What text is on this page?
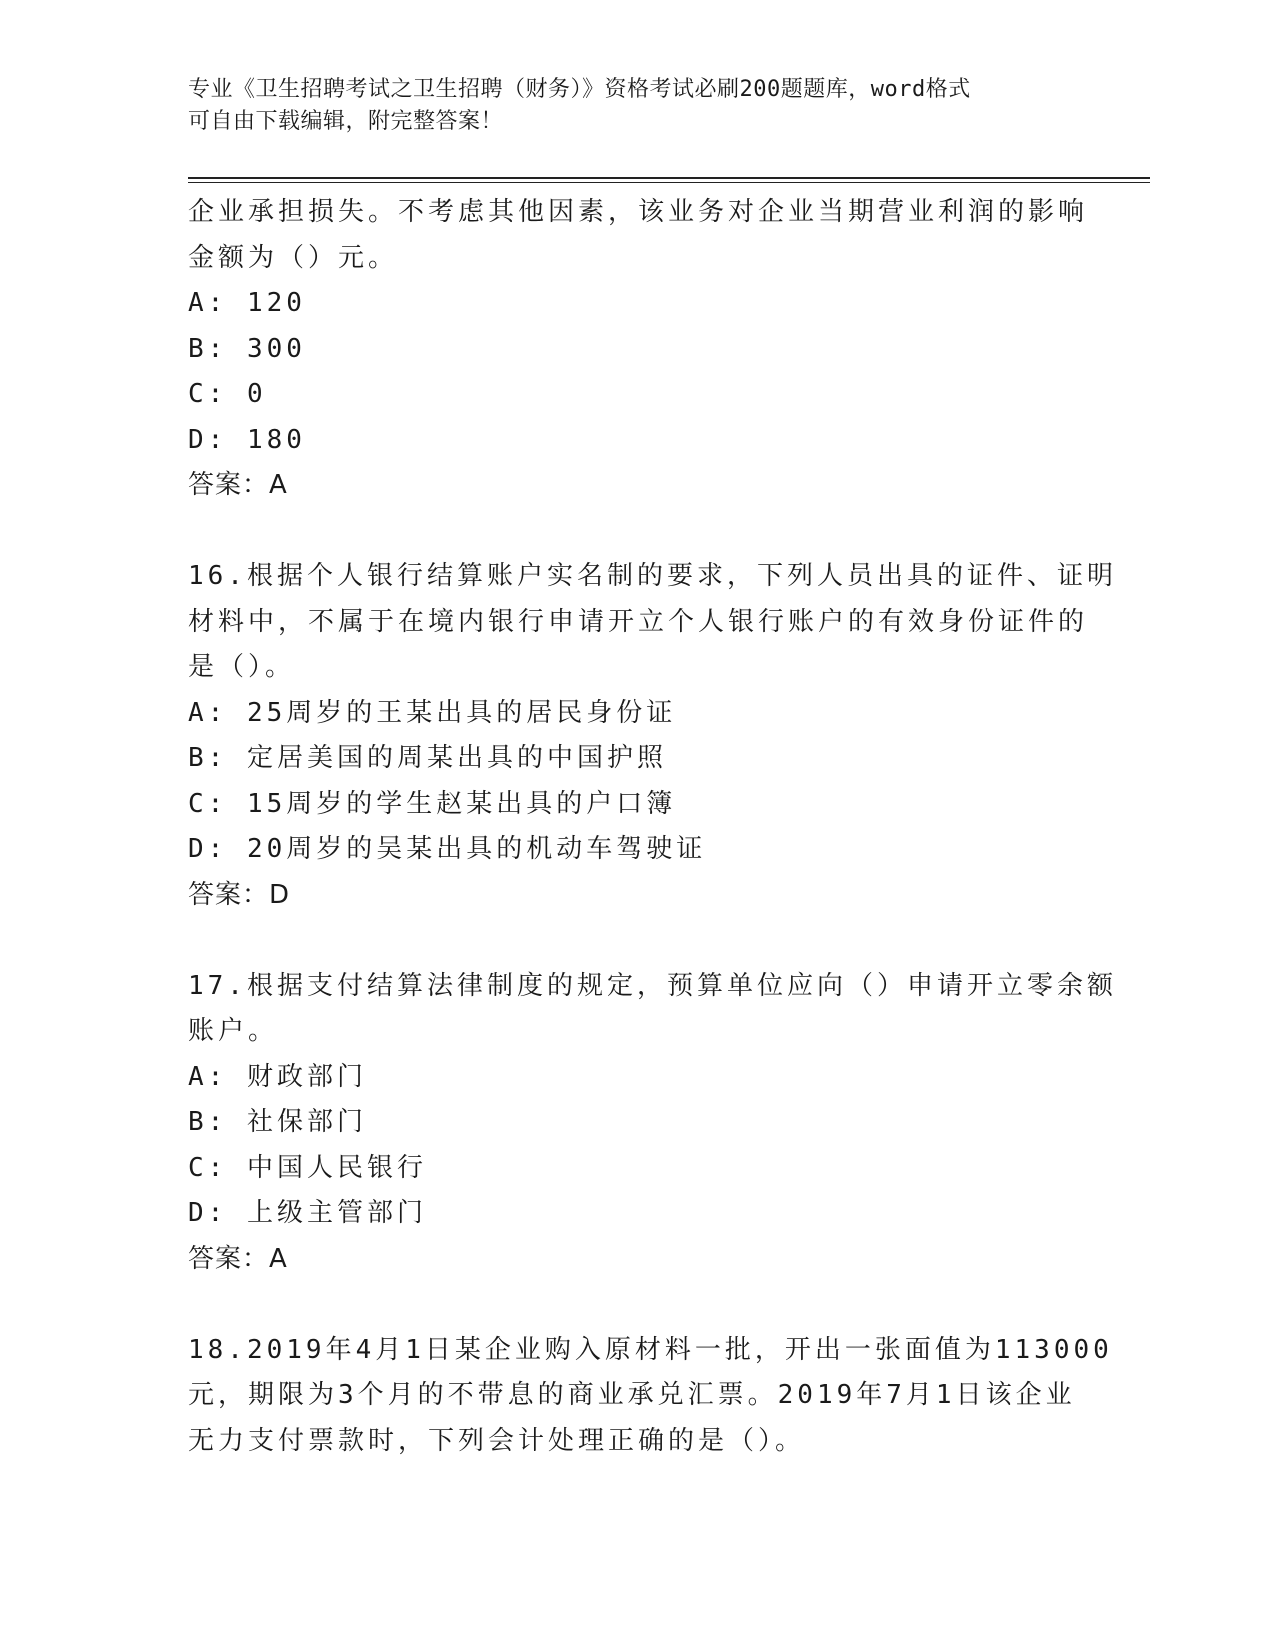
专业《卫生招聘考试之卫生招聘（财务）》资格考试必刷200题题库，word格式
可自由下载编辑，附完整答案！
企业承担损失。不考虑其他因素，该业务对企业当期营业利润的影响
金额为（）元。
A: 120
B: 300
C: 0
D: 180
答案：A
16.根据个人银行结算账户实名制的要求，下列人员出具的证件、证明
材料中，不属于在境内银行申请开立个人银行账户的有效身份证件的
是（）。
A: 25周岁的王某出具的居民身份证
B: 定居美国的周某出具的中国护照
C: 15周岁的学生赵某出具的户口簿
D: 20周岁的吴某出具的机动车驾驶证
答案：D
17.根据支付结算法律制度的规定，预算单位应向（）申请开立零余额
账户。
A: 财政部门
B: 社保部门
C: 中国人民银行
D: 上级主管部门
答案：A
18.2019年4月1日某企业购入原材料一批，开出一张面值为113000
元，期限为3个月的不带息的商业承兑汇票。2019年7月1日该企业
无力支付票款时，下列会计处理正确的是（）。
